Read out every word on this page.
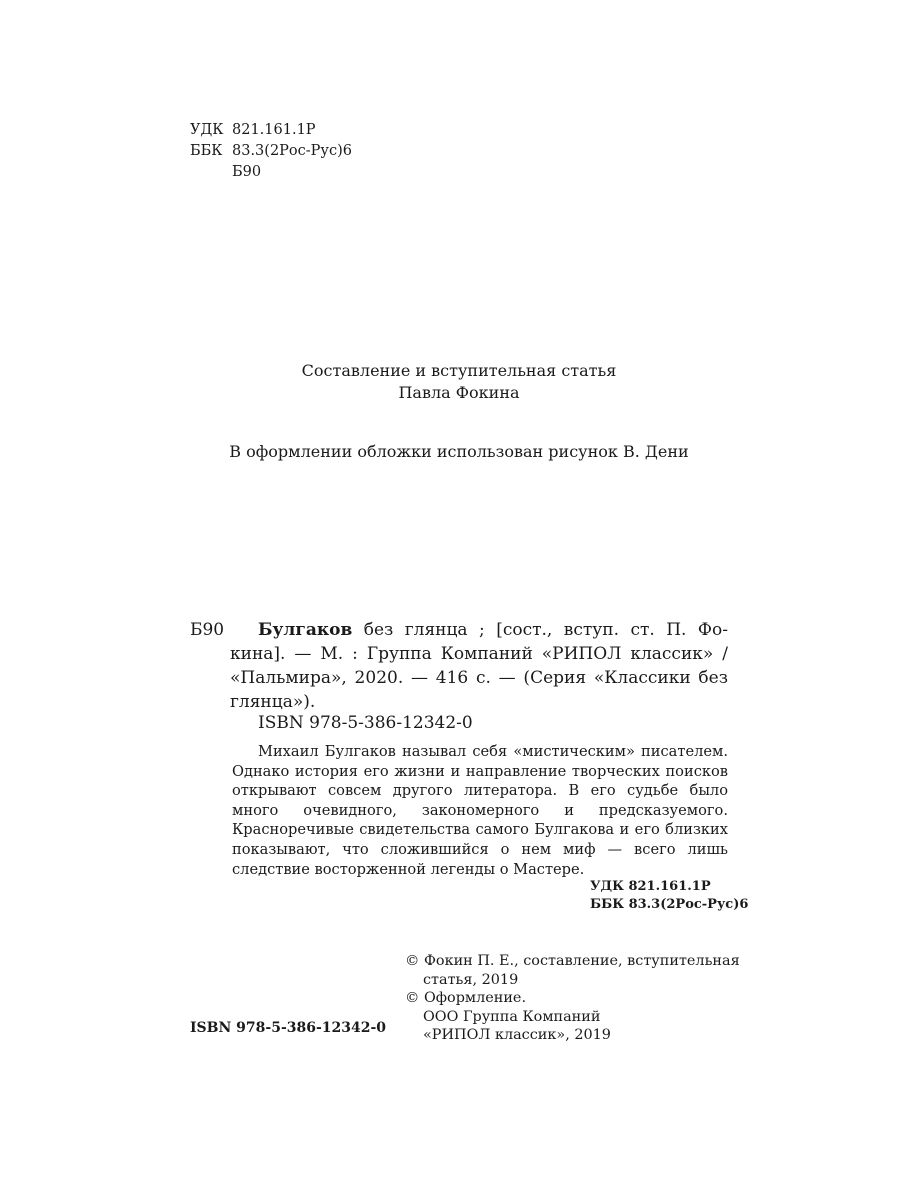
УДК 821.161.1Р
ББК 83.3(2Рос-Рус)6
Б90
Составление и вступительная статья
Павла Фокина
В оформлении обложки использован рисунок В. Дени
Б90 Булгаков без глянца ; [сост., вступ. ст. П. Фо-
кина]. — М. : Группа Компаний «РИПОЛ классик» /
«Пальмира», 2020. — 416 с. — (Серия «Классики без
глянца»).
ISBN 978-5-386-12342-0

Михаил Булгаков называл себя «мистическим» писателем. Однако история его жизни и направление творческих поисков открывают совсем другого литератора. В его судьбе было много очевидного, закономерного и предсказуемого. Красноречивые свидетельства самого Булгакова и его близких показывают, что сложившийся о нем миф — всего лишь следствие восторженной легенды о Мастере.

УДК 821.161.1Р
ББК 83.3(2Рос-Рус)6
© Фокин П. Е., составление, вступительная
статья, 2019
© Оформление.
ООО Группа Компаний
«РИПОЛ классик», 2019
ISBN 978-5-386-12342-0
